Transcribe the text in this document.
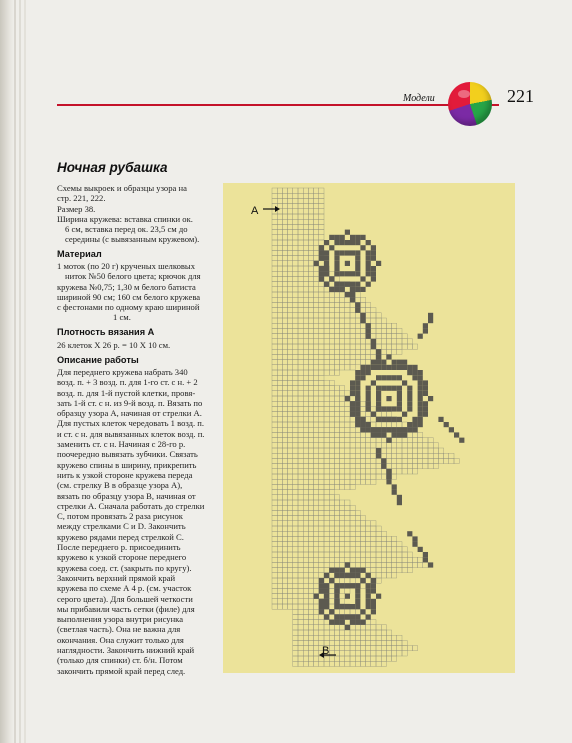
Модели	221
Ночная рубашка

Схемы выкроек и образцы узора на

стр. 221, 222.

Размер 38.

Ширина кружева: вставка спинки ок.

6 см, вставка перед ок. 23,5 см до

середины (с вывязанным кружевом).

Материал

1 моток (по 20 г) крученых шелковых

ниток №50 белого цвета; крючок для

кружева №0,75; 1,30 м белого батиста

шириной 90 см; 160 см белого кружева

с фестонами по одному краю шириной

1 см.

Плотность вязания А
26 клеток Х 26 р. = 10 Х 10 см.
Описание работы

Для переднего кружева набрать 340

возд. п. + 3 возд. п. для 1-го ст. с н. + 2

возд. п. для 1-й пустой клетки, провя-

зать 1-й ст. с н. из 9-й возд. п. Вязать по

образцу узора А, начиная от стрелки А.

Для пустых клеток чередовать 1 возд. п.

и ст. с н. для вывязанных клеток возд. п.

заменить ст. с н. Начиная с 28-го р.

поочередно вывязать зубчики. Связать

кружево спины в ширину, прикрепить

нить к узкой стороне кружева переда

(см. стрелку В в образце узора А),

вязать по образцу узора В, начиная от

стрелки А. Сначала работать до стрелки

С, потом провязать 2 раза рисунок

между стрелками С и D. Закончить

кружево рядами перед стрелкой С.

После переднего р. присоединить

кружево к узкой стороне переднего

кружева соед. ст. (закрыть по кругу).

Закончить верхний прямой край

кружева по схеме А 4 р. (см. участок

серого цвета). Для большей четкости

мы прибавили часть сетки (филе) для

выполнения узора внутри рисунка

(светлая часть). Она не важна для

окончания. Она служит только для

наглядности. Закончить нижний край

(только для спинки) ст. б/н. Потом

закончить прямой край перед след.

A
B
